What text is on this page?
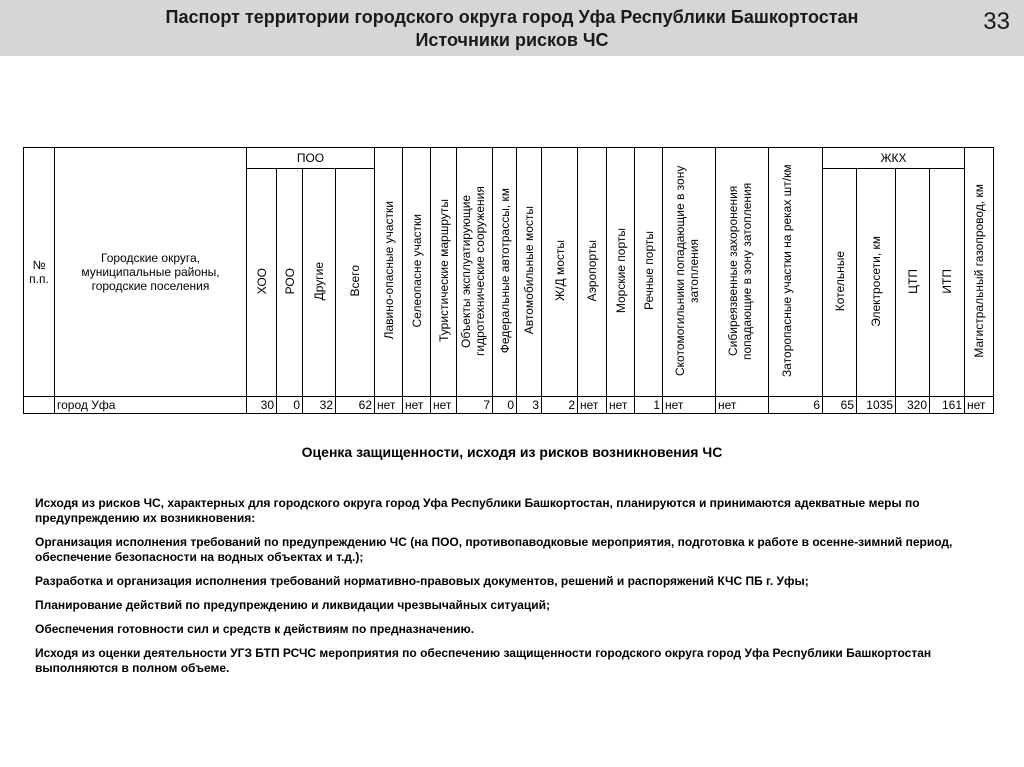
Паспорт территории городского округа город Уфа Республики Башкортостан
Источники рисков ЧС
33
№ п.п.	Городские округа, муниципальные районы, городские поселения	ПОО				Лавино-опасные участки	Селеопасне участки	Туристические маршруты	Объекты эксплуатирующие гидротехнические сооружения	Федеральные автотрассы, км	Автомобильные мосты	Ж/Д мосты	Аэропорты	Морские порты	Речные порты	Скотомогильники попадающие в зону затопления	Сибиреязвенные захоронения попадающие в зону затопления	Заторопасные участки на реках шт/км	ЖКХ				Магистральный газопровод, км
		ХОО	РОО	Другие	Всего														Котельные	Электросети, км	ЦТП	ИТП	
	город Уфа	30	0	32	62	нет	нет	нет	7	0	3	2	нет	нет	1	нет	нет	6	65	1035	320	161	нет
Оценка защищенности, исходя из рисков возникновения ЧС

Исходя из рисков ЧС, характерных для городского округа город Уфа Республики Башкортостан, планируются и принимаются адекватные меры по предупреждению их возникновения:

Организация исполнения требований по предупреждению ЧС (на ПОО, противопаводковые мероприятия, подготовка к работе в осенне-зимний период, обеспечение безопасности на водных объектах и т.д.);

Разработка и организация исполнения требований нормативно-правовых документов, решений и распоряжений КЧС ПБ г. Уфы;

Планирование действий по предупреждению и ликвидации чрезвычайных ситуаций;

Обеспечения готовности сил и средств к действиям по предназначению.

Исходя из оценки деятельности УГЗ БТП РСЧС мероприятия по обеспечению защищенности городского округа город Уфа Республики Башкортостан выполняются в полном объеме.
